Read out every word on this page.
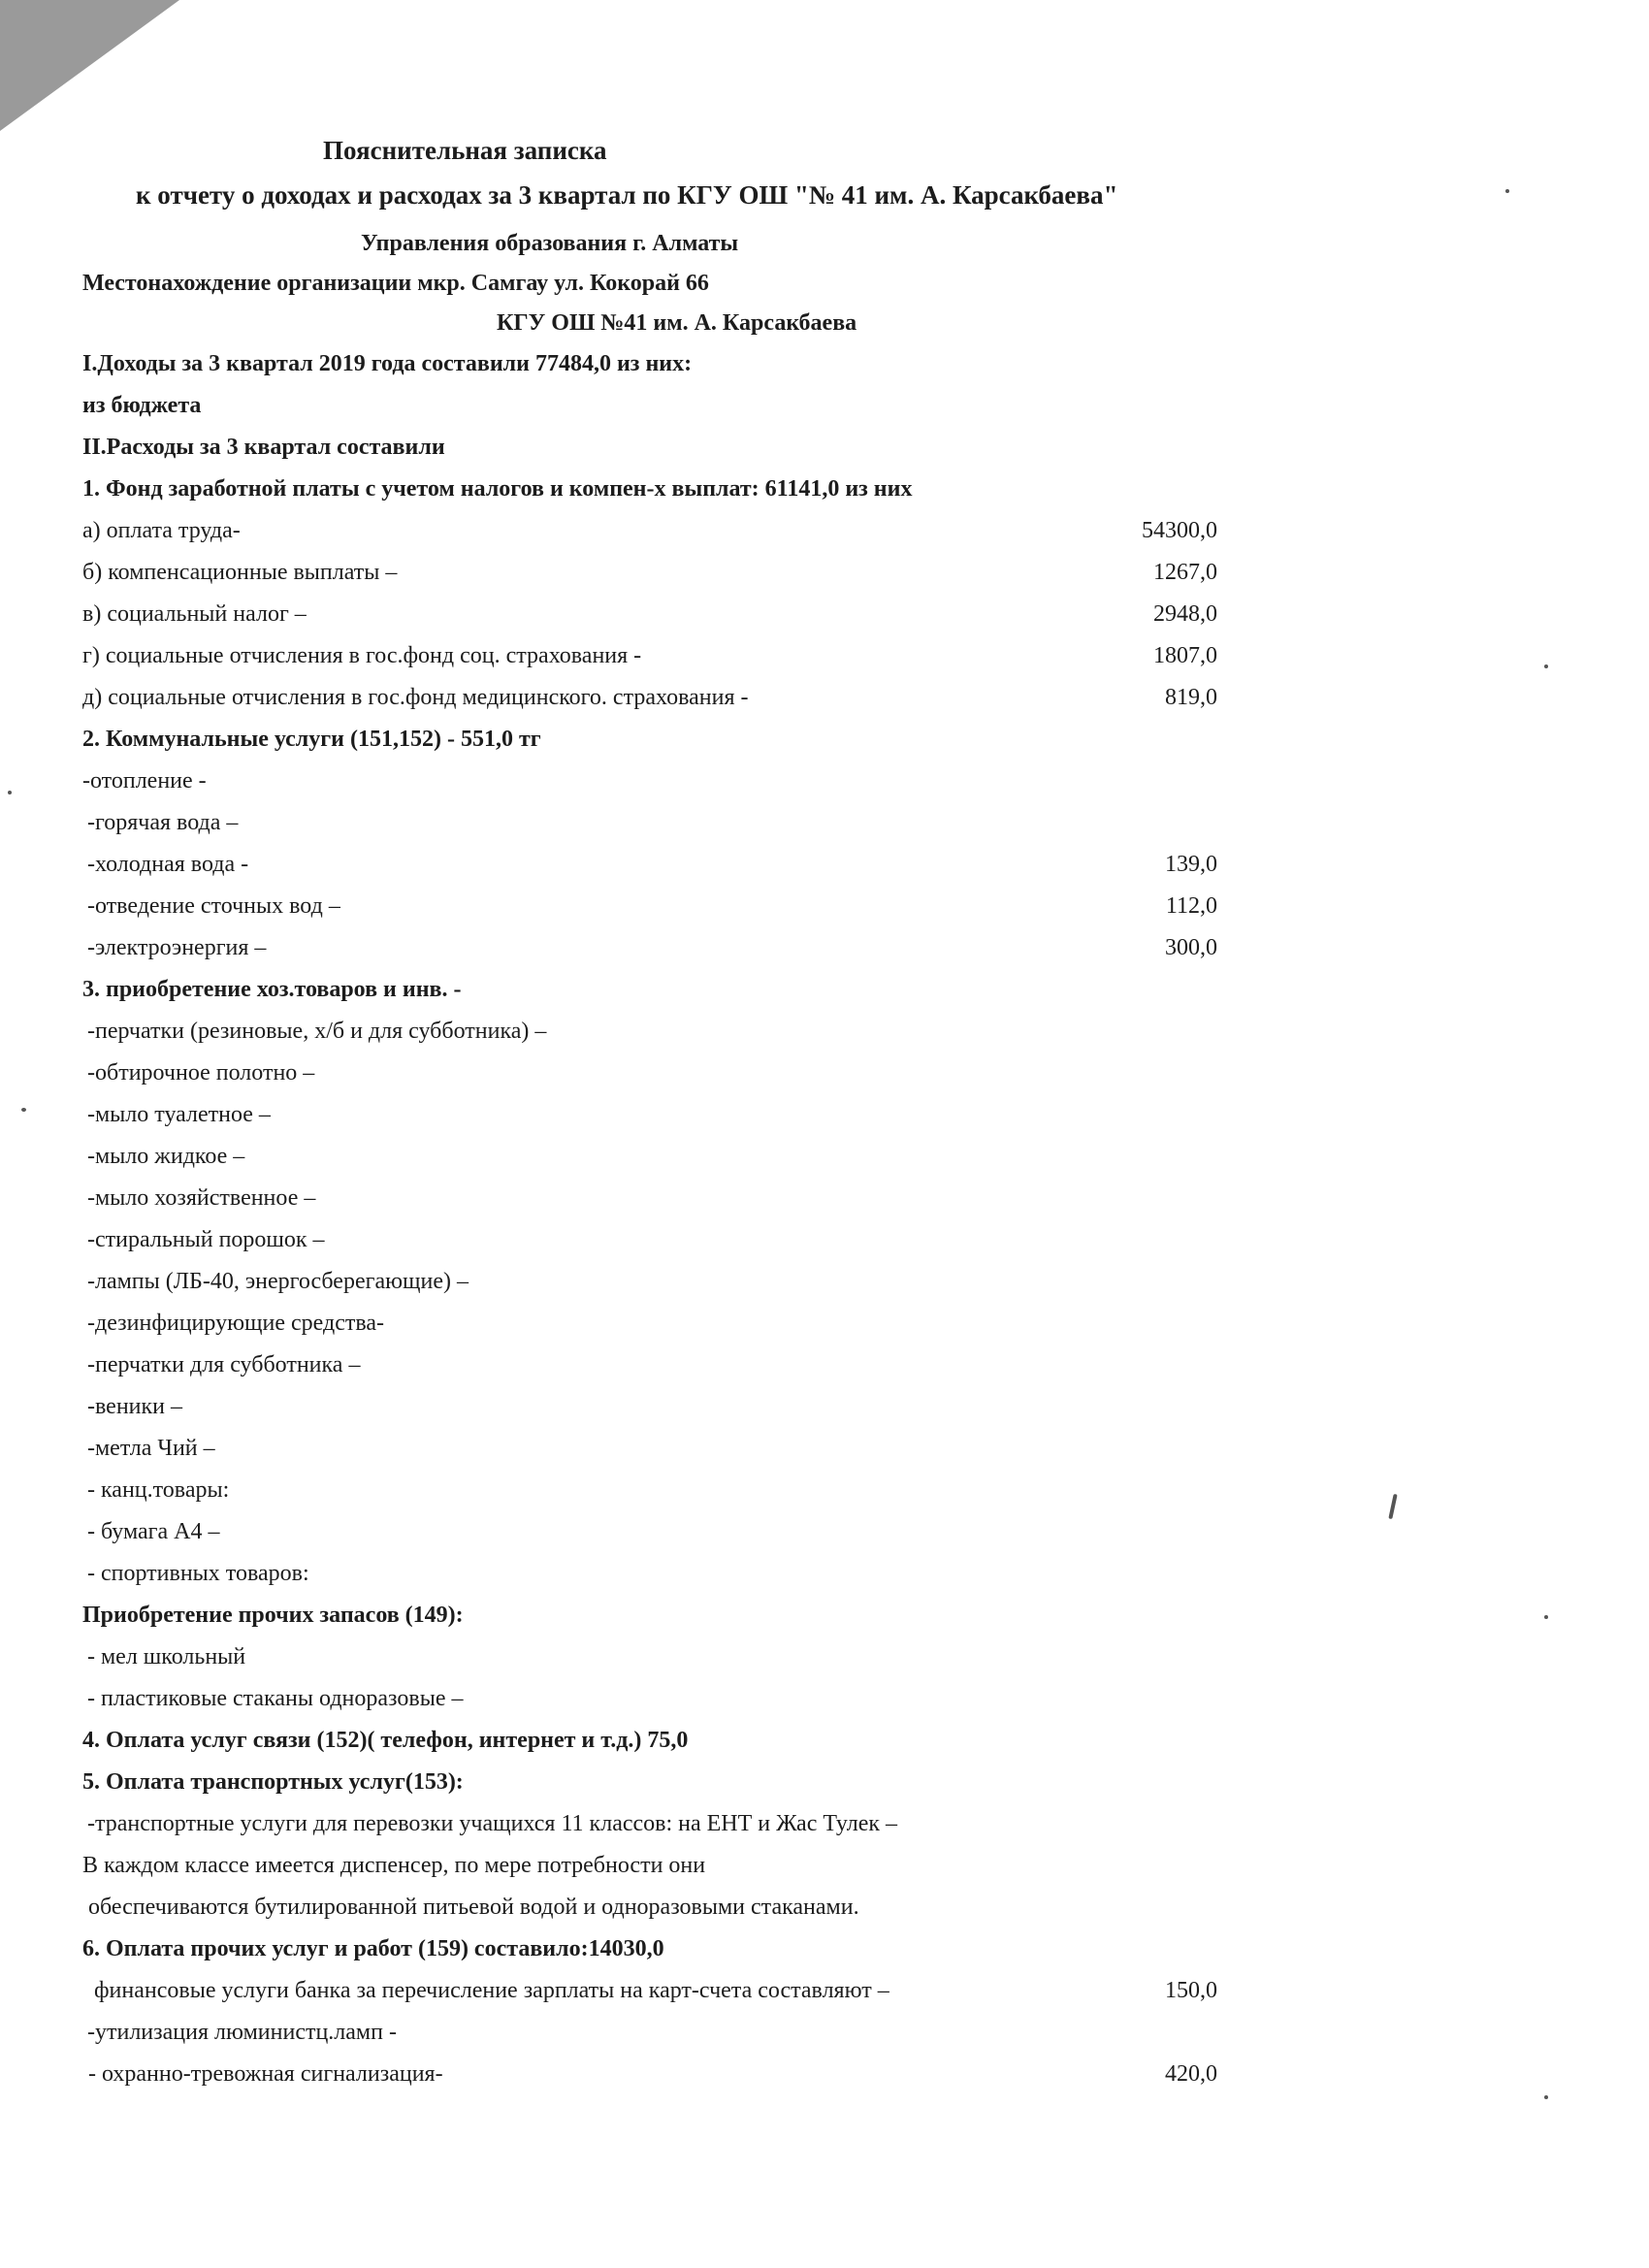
Пояснительная записка
к отчету о доходах и расходах за 3 квартал по КГУ ОШ "№ 41 им. А. Карсакбаева"
Управления образования г. Алматы
Местонахождение организации мкр. Самгау ул. Кокорай 66
КГУ ОШ №41 им. А. Карсакбаева
I.Доходы за 3 квартал 2019 года составили 77484,0 из них:
из бюджета
II.Расходы за 3 квартал составили
1. Фонд заработной платы с учетом налогов и компен-х выплат: 61141,0 из них
а) оплата труда-	54300,0
б) компенсационные выплаты –	1267,0
в) социальный налог –	2948,0
г) социальные отчисления в гос.фонд соц. страхования -	1807,0
д) социальные отчисления в гос.фонд медицинского. страхования -	819,0
2. Коммунальные услуги (151,152) - 551,0 тг
-отопление -
-горячая вода –
-холодная вода -	139,0
-отведение сточных вод –	112,0
-электроэнергия –	300,0
3. приобретение хоз.товаров и инв. -
-перчатки (резиновые, х/б и для субботника) –
-обтирочное полотно –
-мыло туалетное –
-мыло жидкое –
-мыло хозяйственное –
-стиральный порошок –
-лампы (ЛБ-40, энергосберегающие) –
-дезинфицирующие средства-
-перчатки для субботника –
-веники –
-метла Чий –
- канц.товары:
- бумага А4 –
- спортивных товаров:
Приобретение прочих запасов (149):
- мел школьный
- пластиковые стаканы одноразовые –
4. Оплата услуг связи (152)( телефон, интернет и т.д.) 75,0
5. Оплата транспортных услуг(153):
-транспортные услуги для перевозки учащихся 11 классов: на ЕНТ и Жас Тулек –
В каждом классе имеется диспенсер, по мере потребности они
обеспечиваются бутилированной питьевой водой и одноразовыми стаканами.
6. Оплата прочих услуг и работ (159) составило:14030,0
финансовые услуги банка за перечисление зарплаты на карт-счета составляют –	150,0
-утилизация люминистц.ламп -
- охранно-тревожная сигнализация-	420,0
